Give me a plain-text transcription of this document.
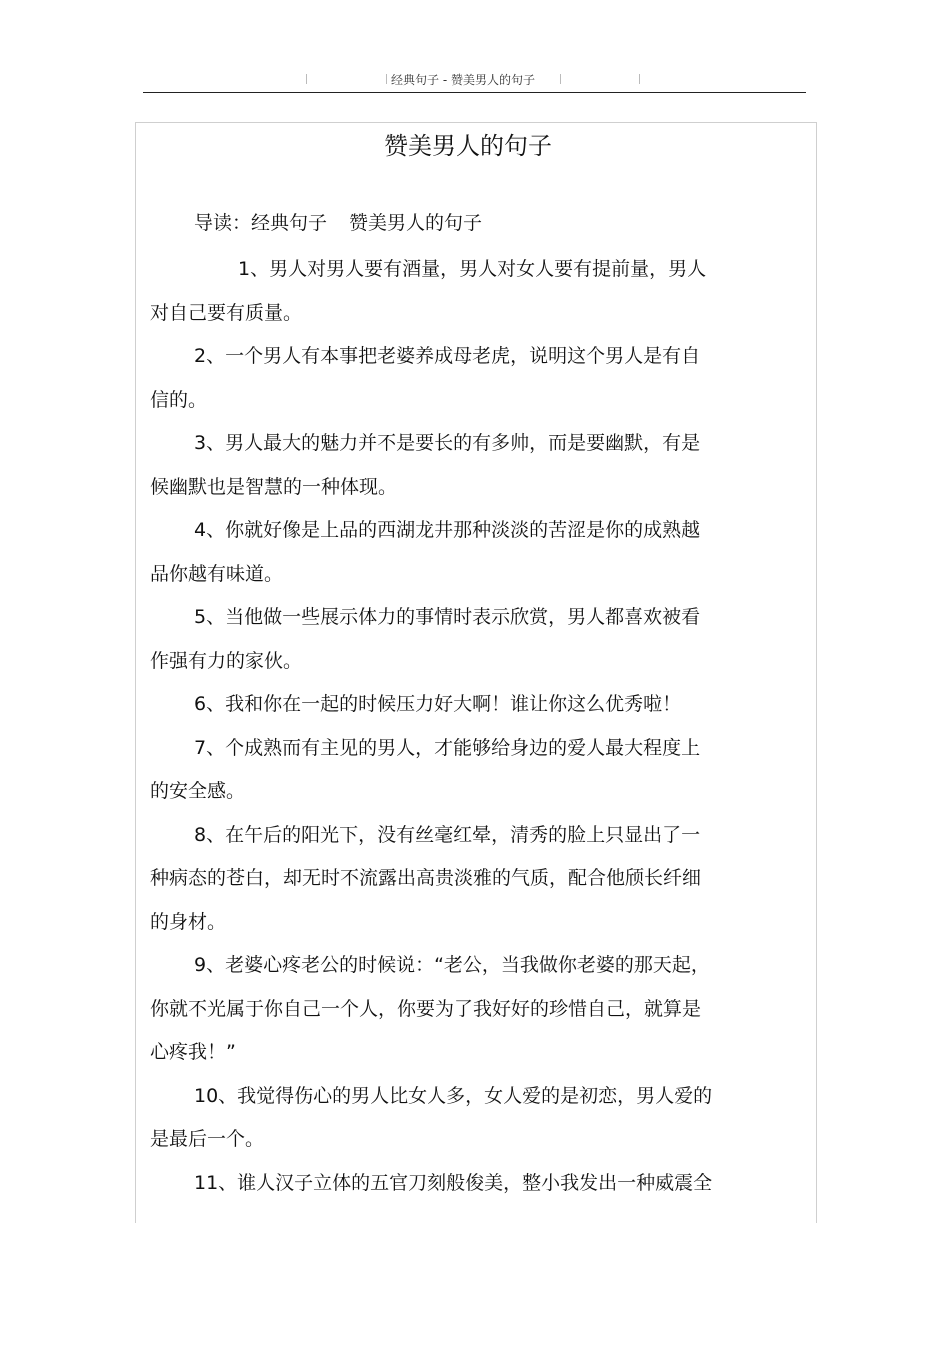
经典句子 - 赞美男人的句子
赞美男人的句子
导读：经典句子 赞美男人的句子
1、男人对男人要有酒量，男人对女人要有提前量，男人
对自己要有质量。
2、一个男人有本事把老婆养成母老虎，说明这个男人是有自
信的。
3、男人最大的魅力并不是要长的有多帅，而是要幽默，有是
候幽默也是智慧的一种体现。
4、你就好像是上品的西湖龙井那种淡淡的苦涩是你的成熟越
品你越有味道。
5、当他做一些展示体力的事情时表示欣赏，男人都喜欢被看
作强有力的家伙。
6、我和你在一起的时候压力好大啊！谁让你这么优秀啦！
7、个成熟而有主见的男人，才能够给身边的爱人最大程度上
的安全感。
8、在午后的阳光下，没有丝毫红晕，清秀的脸上只显出了一
种病态的苍白，却无时不流露出高贵淡雅的气质，配合他颀长纤细
的身材。
9、老婆心疼老公的时候说：“老公，当我做你老婆的那天起，
你就不光属于你自己一个人，你要为了我好好的珍惜自己，就算是
心疼我！”
10、我觉得伤心的男人比女人多，女人爱的是初恋，男人爱的
是最后一个。
11、谁人汉子立体的五官刀刻般俊美，整小我发出一种威震全
